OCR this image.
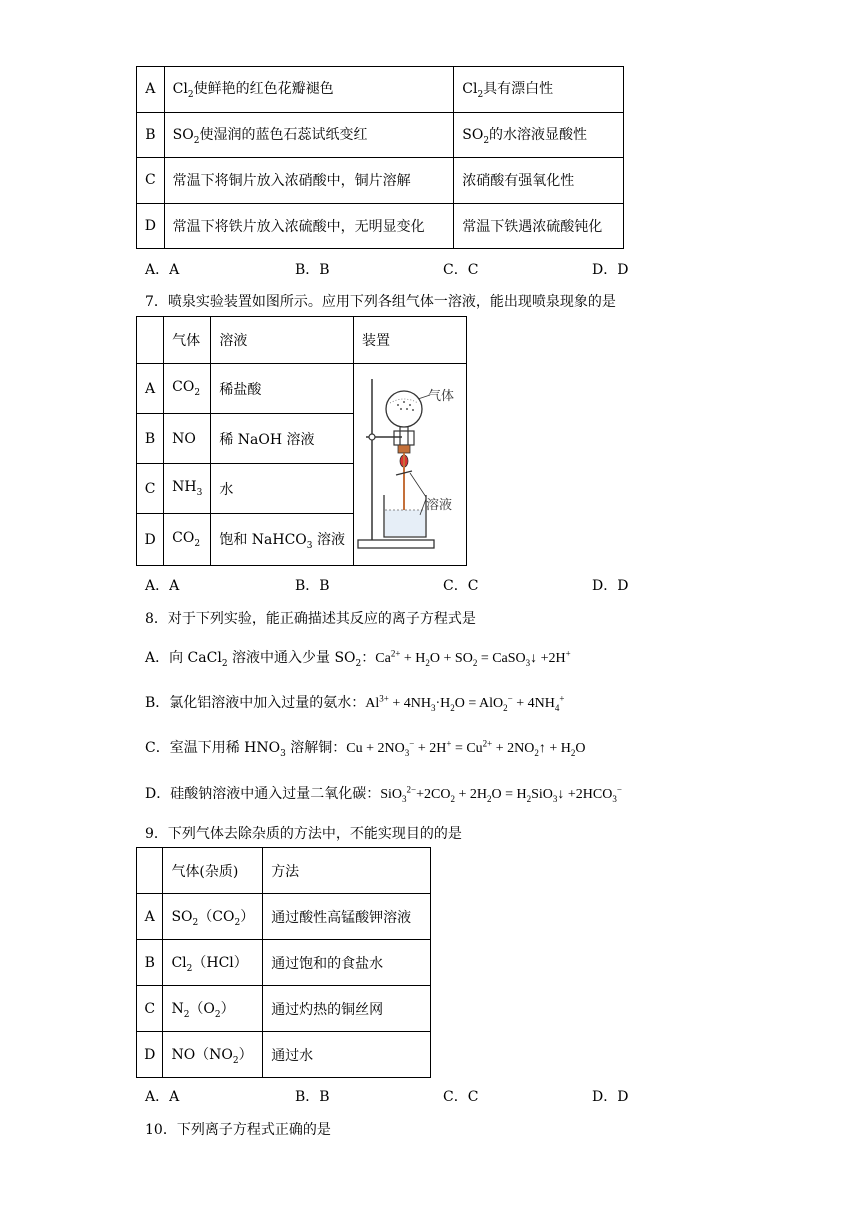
A	$Cl_2$使鲜艳的红色花瓣褪色	$Cl_2$具有漂白性
B	$SO_2$使湿润的蓝色石蕊试纸变红	$SO_2$的水溶液显酸性
C	常温下将铜片放入浓硝酸中，铜片溶解	浓硝酸有强氧化性
D	常温下将铁片放入浓硫酸中，无明显变化	常温下铁遇浓硫酸钝化
A．A	B．B	C．C	D．D
7．喷泉实验装置如图所示。应用下列各组气体一溶液，能出现喷泉现象的是
	气体	溶液	装置
A	$CO_2$	稀盐酸	
B	NO	稀 NaOH 溶液	
C	$NH_3$	水	
D	$CO_2$	饱和 NaHCO$_3$ 溶液	
气体
溶液
A．A	B．B	C．C	D．D
8．对于下列实验，能正确描述其反应的离子方程式是
A．向 CaCl$_2$ 溶液中通入少量 $SO_2$：$Ca^{2+} + H_2O + SO_2$ = CaSO$_3$↓ +2H+
B．氯化铝溶液中加入过量的氨水：$Al^{3+} + 4NH_3\cdot H_2O = AlO_2^- + 4NH_4^+$
C．室温下用稀 $HNO_3$ 溶解铜：$Cu + 2NO_3^- + 2H^+ = Cu^{2+}$ + $2NO_2↑ + H_2O$
D．硅酸钠溶液中通入过量二氧化碳：$SiO_3^{2-}+2CO_2 + 2H_2O$ = $H_2SiO_3↓ +2HCO_3^-$
9．下列气体去除杂质的方法中，不能实现目的的是
	气体(杂质)	方法
A	$SO_2(CO_2)$	通过酸性高锰酸钾溶液
B	$Cl_2(HCl)$	通过饱和的食盐水
C	$N_2(O_2)$	通过灼热的铜丝网
D	$NO(NO_2)$	通过水
A．A	B．B	C．C	D．D
10．下列离子方程式正确的是
